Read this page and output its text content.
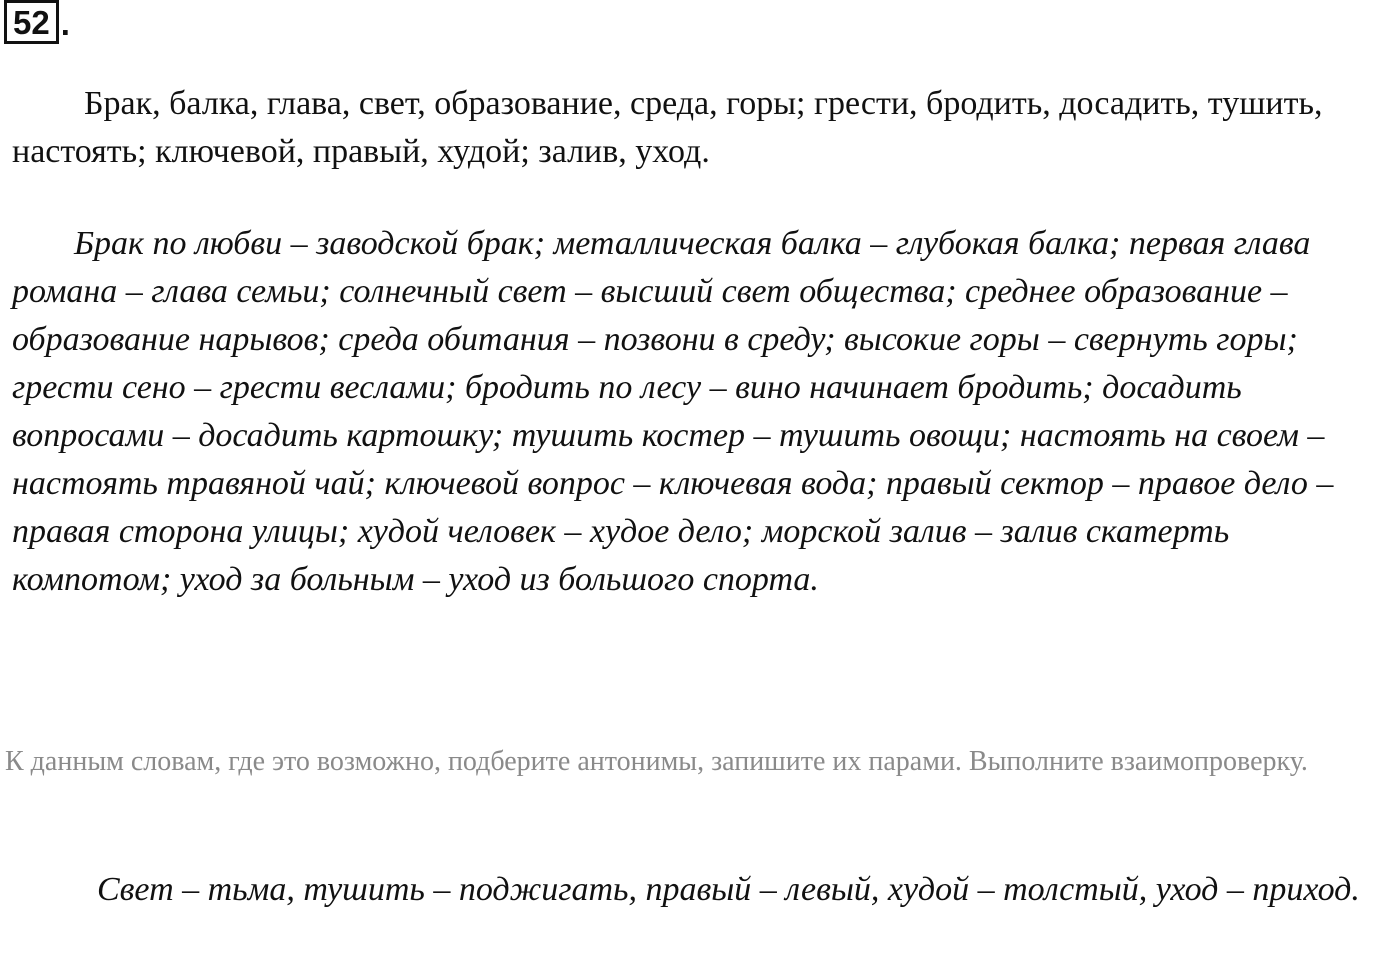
52 .

Брак, балка, глава, свет, образование, среда, горы; грести, бродить, досадить, тушить, настоять; ключевой, правый, худой; залив, уход.

Брак по любви – заводской брак; металлическая балка – глубокая балка; первая глава романа – глава семьи; солнечный свет – высший свет общества; среднее образование – образование нарывов; среда обитания – позвони в среду; высокие горы – свернуть горы; грести сено – грести веслами; бродить по лесу – вино начинает бродить; досадить вопросами – досадить картошку; тушить костер – тушить овощи; настоять на своем – настоять травяной чай; ключевой вопрос – ключевая вода; правый сектор – правое дело – правая сторона улицы; худой человек – худое дело; морской залив – залив скатерть компотом; уход за больным – уход из большого спорта.

К данным словам, где это возможно, подберите антонимы, запишите их парами. Выполните взаимопроверку.

Свет – тьма, тушить – поджигать, правый – левый, худой – толстый, уход – приход.
